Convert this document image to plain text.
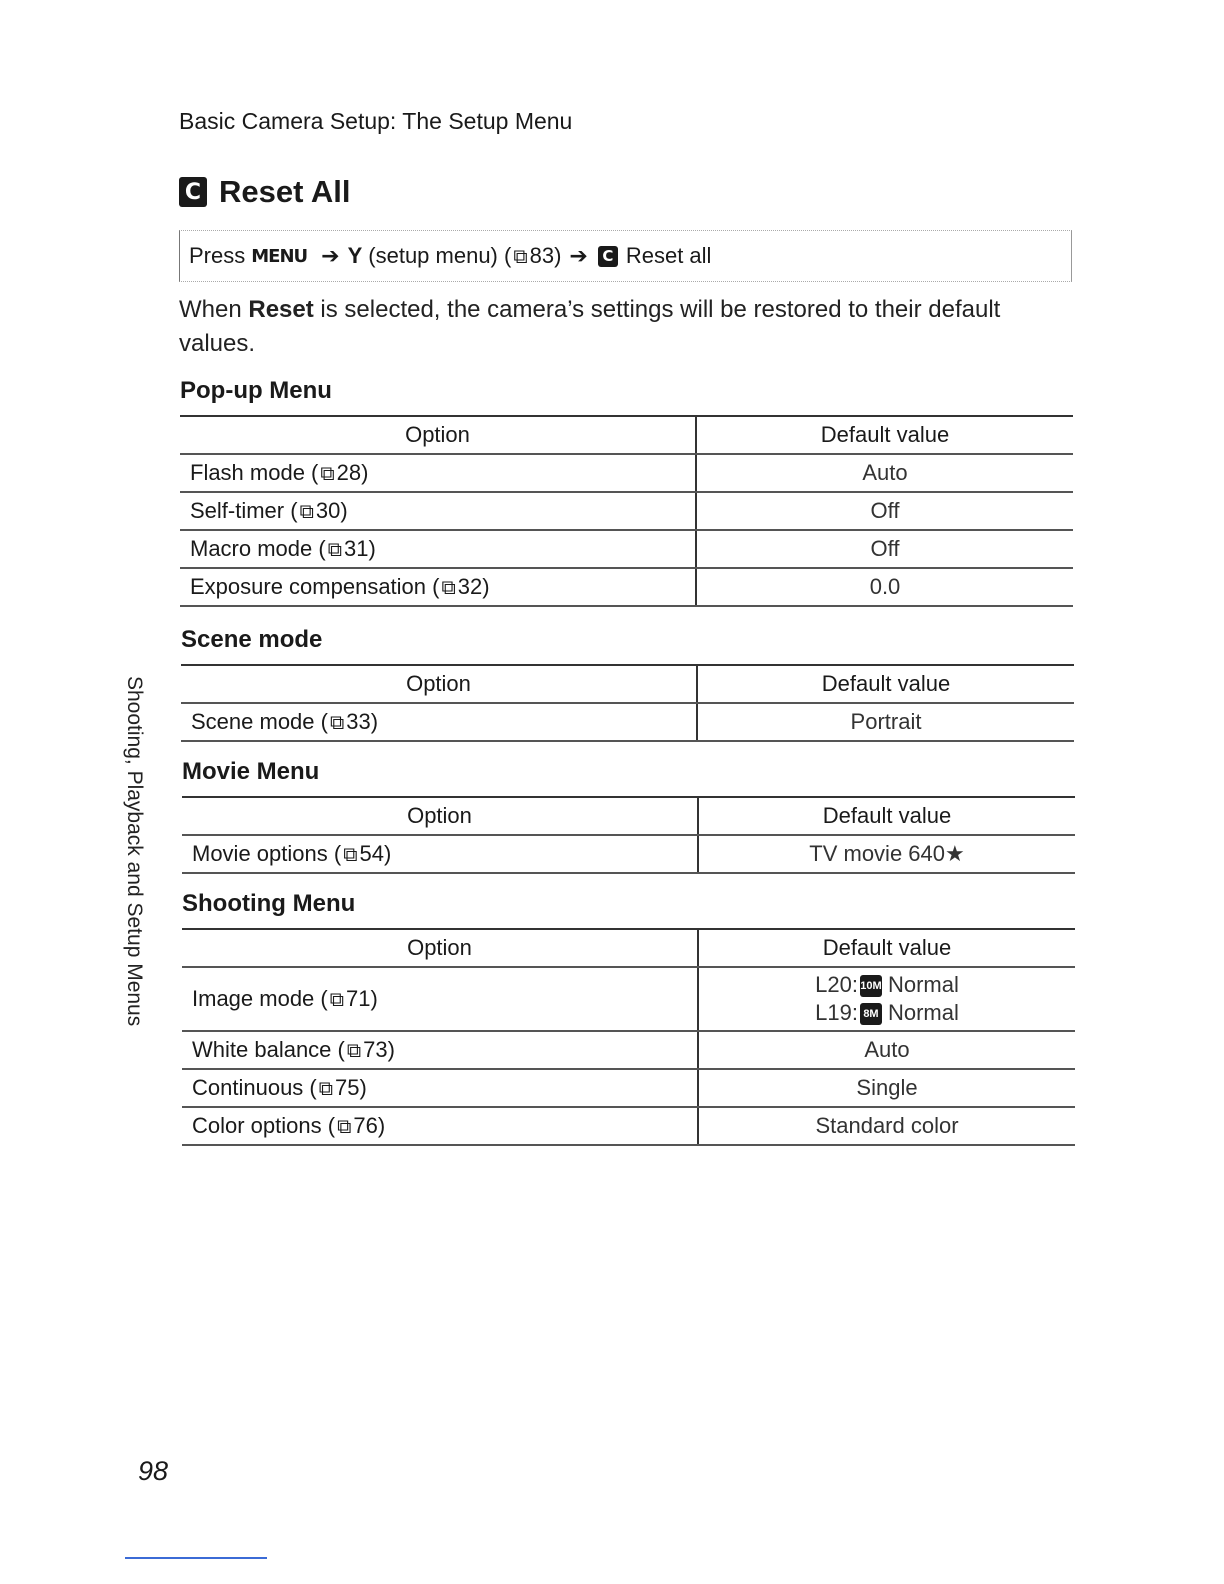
Basic Camera Setup: The Setup Menu
C Reset All
Press MENU ➔ Y (setup menu) ( ⧉ 83) ➔ C Reset all
When Reset is selected, the camera’s settings will be restored to their default values.
Pop-up Menu
Option	Default value
Flash mode ( ⧉28)	Auto
Self-timer ( ⧉30)	Off
Macro mode ( ⧉31)	Off
Exposure compensation ( ⧉32)	0.0
Scene mode
Option	Default value
Scene mode ( ⧉33)	Portrait
Movie Menu
Option	Default value
Movie options ( ⧉54)	TV movie 640★
Shooting Menu
Option	Default value
Image mode ( ⧉71)	L20: 10M Normal
L19: 8M Normal

White balance ( ⧉73)	Auto
Continuous ( ⧉75)	Single
Color options ( ⧉76)	Standard color
Shooting, Playback and Setup Menus
98
